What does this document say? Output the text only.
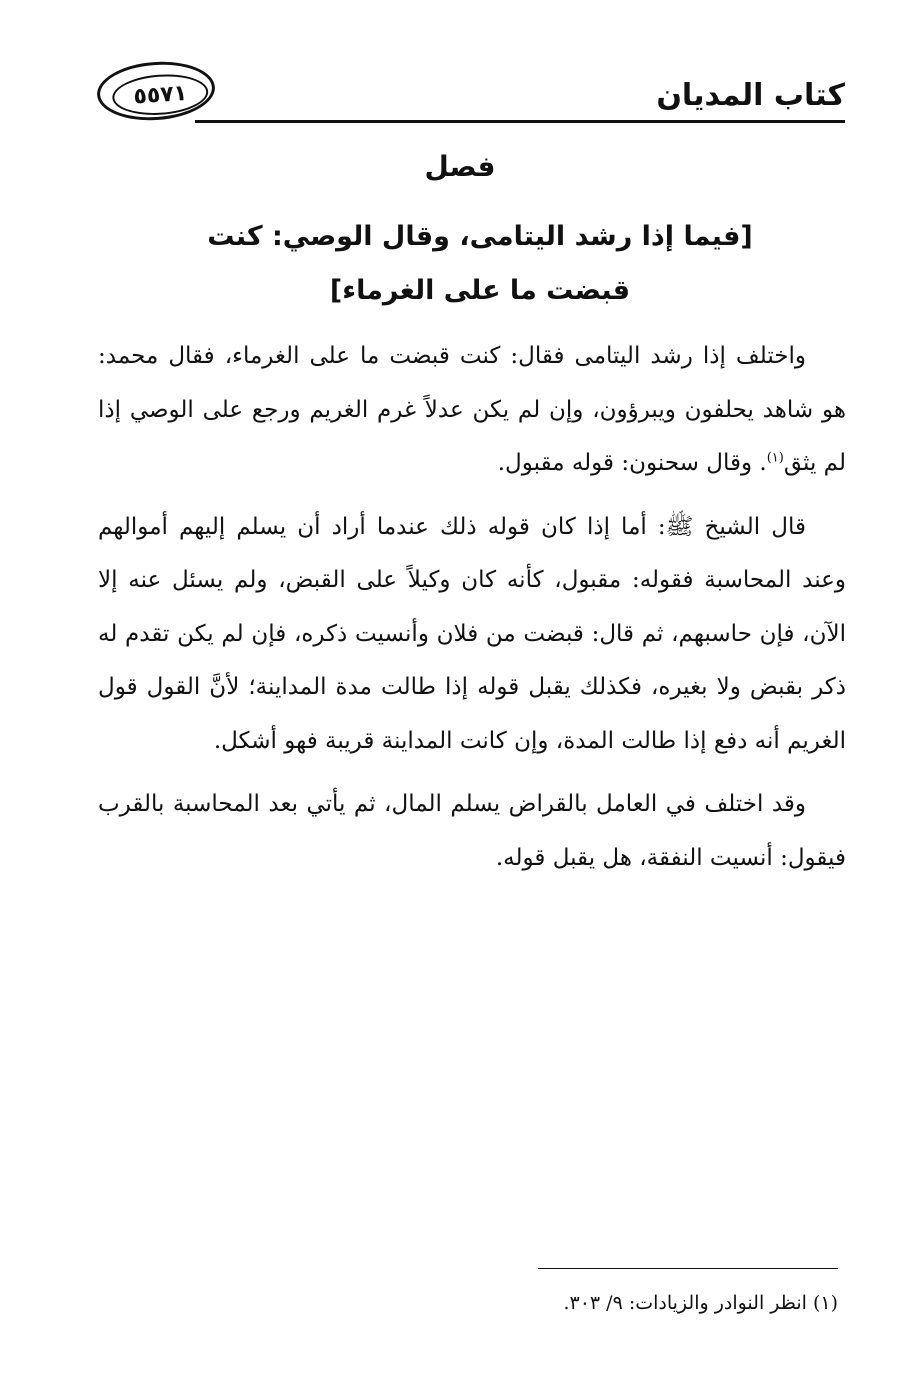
كتاب المديان
٥٥٧١
فصل
[فيما إذا رشد اليتامى، وقال الوصي: كنت قبضت ما على الغرماء]

واختلف إذا رشد اليتامى فقال: كنت قبضت ما على الغرماء، فقال محمد: هو شاهد يحلفون ويبرؤون، وإن لم يكن عدلاً غرم الغريم ورجع على الوصي إذا لم يثق$^{(١)}$. وقال سحنون: قوله مقبول.

قال الشيخ ﷺ: أما إذا كان قوله ذلك عندما أراد أن يسلم إليهم أموالهم وعند المحاسبة فقوله: مقبول، كأنه كان وكيلاً على القبض، ولم يسئل عنه إلا الآن، فإن حاسبهم، ثم قال: قبضت من فلان وأنسيت ذكره، فإن لم يكن تقدم له ذكر بقبض ولا بغيره، فكذلك يقبل قوله إذا طالت مدة المداينة؛ لأنَّ القول قول الغريم أنه دفع إذا طالت المدة، وإن كانت المداينة قريبة فهو أشكل.

وقد اختلف في العامل بالقراض يسلم المال، ثم يأتي بعد المحاسبة بالقرب فيقول: أنسيت النفقة، هل يقبل قوله.

(١) انظر النوادر والزيادات: ٩/ ٣٠٣.
